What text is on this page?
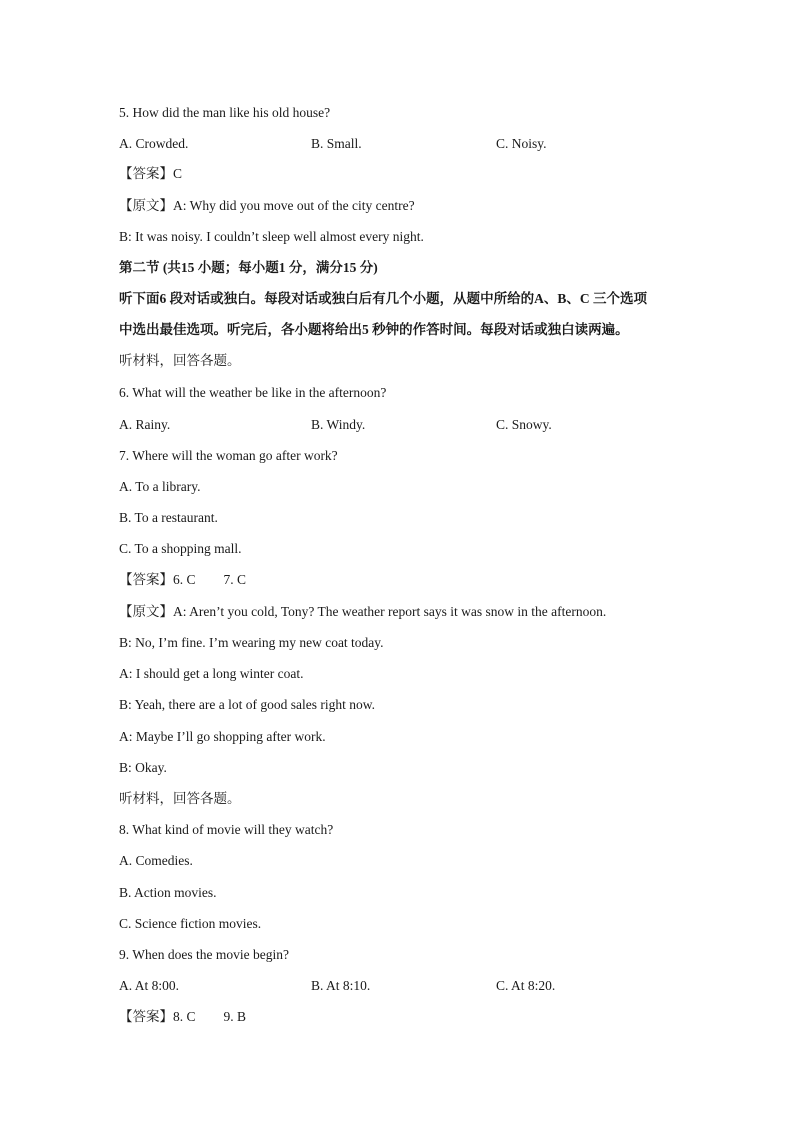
5. How did the man like his old house?
A. Crowded.	B. Small.	C. Noisy.
【答案】C
【原文】A: Why did you move out of the city centre?
B: It was noisy. I couldn’t sleep well almost every night.
第二节 (共15 小题；每小题1 分，满分15 分)
听下面6 段对话或独白。每段对话或独白后有几个小题，从题中所给的A、B、C 三个选项
中选出最佳选项。听完后，各小题将给出5 秒钟的作答时间。每段对话或独白读两遍。
听材料，回答各题。
6. What will the weather be like in the afternoon?
A. Rainy.	B. Windy.	C. Snowy.
7. Where will the woman go after work?
A. To a library.
B. To a restaurant.
C. To a shopping mall.
【答案】6. C 7. C
【原文】A: Aren’t you cold, Tony? The weather report says it was snow in the afternoon.
B: No, I’m fine. I’m wearing my new coat today.
A: I should get a long winter coat.
B: Yeah, there are a lot of good sales right now.
A: Maybe I’ll go shopping after work.
B: Okay.
听材料，回答各题。
8. What kind of movie will they watch?
A. Comedies.
B. Action movies.
C. Science fiction movies.
9. When does the movie begin?
A. At 8:00.	B. At 8:10.	C. At 8:20.
【答案】8. C 9. B
